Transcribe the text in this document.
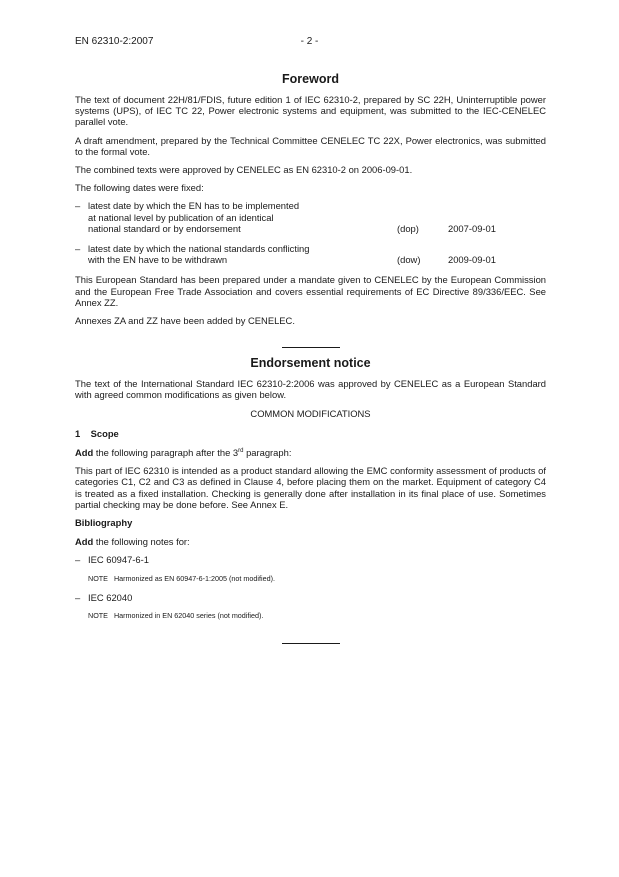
EN 62310-2:2007	- 2 -
Foreword

The text of document 22H/81/FDIS, future edition 1 of IEC 62310-2, prepared by SC 22H, Uninterruptible power systems (UPS), of IEC TC 22, Power electronic systems and equipment, was submitted to the IEC-CENELEC parallel vote.

A draft amendment, prepared by the Technical Committee CENELEC TC 22X, Power electronics, was submitted to the formal vote.

The combined texts were approved by CENELEC as EN 62310-2 on 2006-09-01.

The following dates were fixed:

– latest date by which the EN has to be implemented
at national level by publication of an identical
national standard or by endorsement	(dop)	2007-09-01
– latest date by which the national standards conflicting
with the EN have to be withdrawn	(dow)	2009-09-01

This European Standard has been prepared under a mandate given to CENELEC by the European Commission and the European Free Trade Association and covers essential requirements of EC Directive 89/336/EEC. See Annex ZZ.

Annexes ZA and ZZ have been added by CENELEC.

Endorsement notice

The text of the International Standard IEC 62310-2:2006 was approved by CENELEC as a European Standard with agreed common modifications as given below.

COMMON MODIFICATIONS
1    Scope

Add the following paragraph after the 3rd paragraph:

This part of IEC 62310 is intended as a product standard allowing the EMC conformity assessment of products of categories C1, C2 and C3 as defined in Clause 4, before placing them on the market. Equipment of category C4 is treated as a fixed installation. Checking is generally done after installation in its final place of use. Sometimes partial checking may be done before. See Annex E.

Bibliography

Add the following notes for:

– IEC 60947-6-1
NOTE Harmonized as EN 60947-6-1:2005 (not modified).
– IEC 62040
NOTE Harmonized in EN 62040 series (not modified).
